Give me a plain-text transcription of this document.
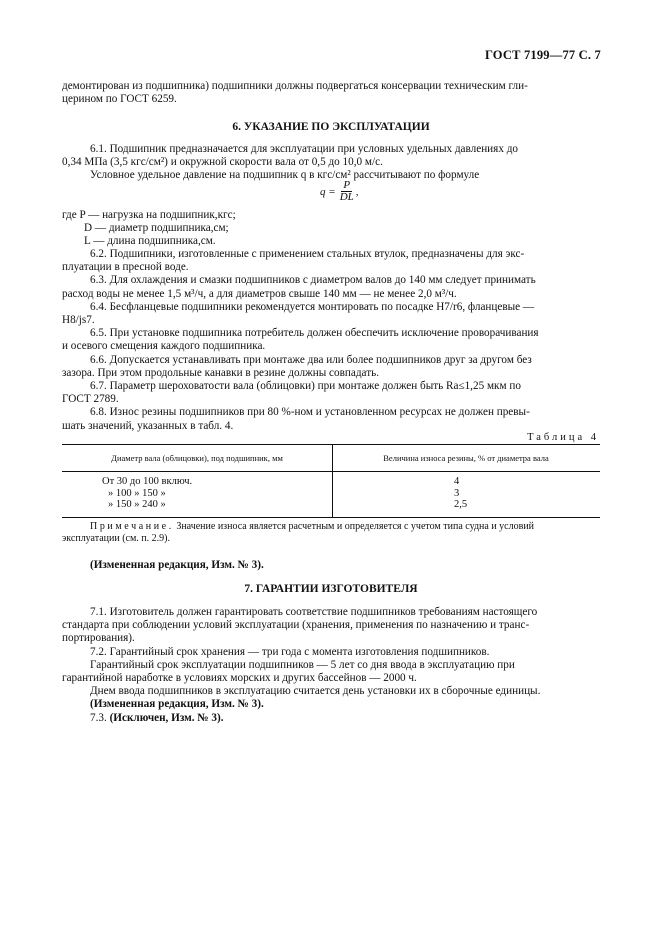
ГОСТ 7199—77 С. 7

демонтирован из подшипника) подшипники должны подвергаться консервации техническим гли-

церином по ГОСТ 6259.

6. УКАЗАНИЕ ПО ЭКСПЛУАТАЦИИ

6.1. Подшипник предназначается для эксплуатации при условных удельных давлениях до

0,34 МПа (3,5 кгс/см²) и окружной скорости вала от 0,5 до 10,0 м/с.

Условное удельное давление на подшипник q в кгс/см² рассчитывают по формуле

$q = \frac{P}{DL}$ ,

где P — нагрузка на подшипник,кгс;

D — диаметр подшипника,см;

L — длина подшипника,см.

6.2. Подшипники, изготовленные с применением стальных втулок, предназначены для экс-

плуатации в пресной воде.

6.3. Для охлаждения и смазки подшипников с диаметром валов до 140 мм следует принимать

расход воды не менее 1,5 м³/ч, а для диаметров свыше 140 мм — не менее 2,0 м³/ч.

6.4. Бесфланцевые подшипники рекомендуется монтировать по посадке H7/r6, фланцевые —

H8/js7.

6.5. При установке подшипника потребитель должен обеспечить исключение проворачивания

и осевого смещения каждого подшипника.

6.6. Допускается устанавливать при монтаже два или более подшипников друг за другом без

зазора. При этом продольные канавки в резине должны совпадать.

6.7. Параметр шероховатости вала (облицовки) при монтаже должен быть Ra≤1,25 мкм по

ГОСТ 2789.

6.8. Износ резины подшипников при 80 %-ном и установленном ресурсах не должен превы-

шать значений, указанных в табл. 4.

Таблица 4
Диаметр вала (облицовки), под подшипник, мм	Величина износа резины, % от диаметра вала
От 30 до 100 включ.
» 100 » 150 »
» 150 » 240 »
4
3
2,5
Примечание. Значение износа является расчетным и определяется с учетом типа судна и условий
эксплуатации (см. п. 2.9).
(Измененная редакция, Изм. № 3).
7. ГАРАНТИИ ИЗГОТОВИТЕЛЯ

7.1. Изготовитель должен гарантировать соответствие подшипников требованиям настоящего

стандарта при соблюдении условий эксплуатации (хранения, применения по назначению и транс-

портирования).

7.2. Гарантийный срок хранения — три года с момента изготовления подшипников.

Гарантийный срок эксплуатации подшипников — 5 лет со дня ввода в эксплуатацию при

гарантийной наработке в условиях морских и других бассейнов — 2000 ч.

Днем ввода подшипников в эксплуатацию считается день установки их в сборочные единицы.

(Измененная редакция, Изм. № 3).

7.3. (Исключен, Изм. № 3).
